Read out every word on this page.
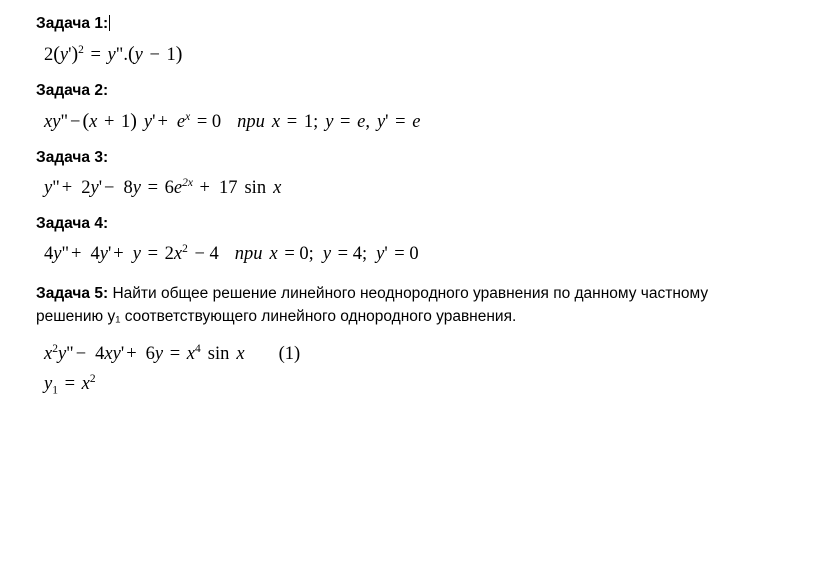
Задача 1:
$2(y')^2$ = y".(y − 1)
Задача 2:
xy" − (x + 1) $y' + e^x = 0$ при x = 1; y = e, y' = e
Задача 3:
y" + $2y' - 8y = 6e^{2x} + 17$ sin x
Задача 4:
4y" + $4y' + y = 2x^2 - 4$ при x = 0; y = 4; y' = 0
Задача 5: Найти общее решение линейного неоднородного уравнения по данному частному решению y₁ соответствующего линейного однородного уравнения.
$x^2y$" − $4xy' + 6y = x^4$ sin x (1)
$y_1 = x^2$
